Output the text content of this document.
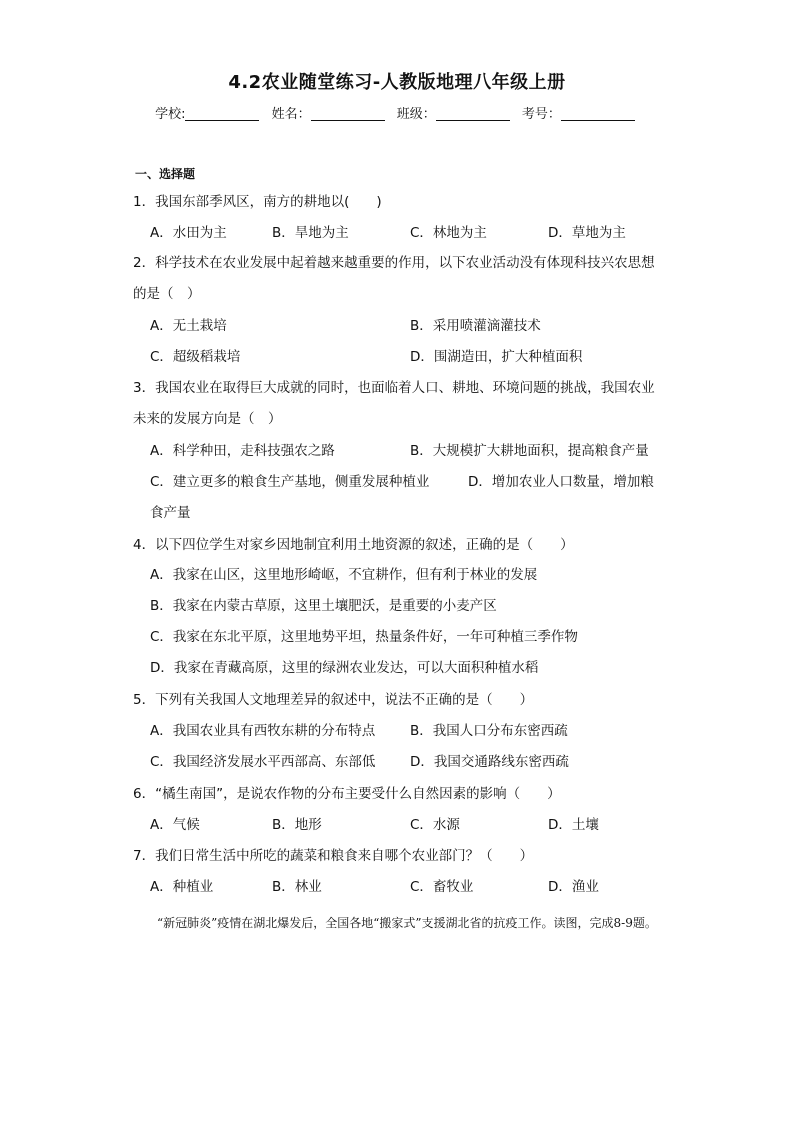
4.2农业随堂练习-人教版地理八年级上册
学校:	姓名：	班级：	考号：
一、选择题
1．我国东部季风区，南方的耕地以(　　)
A．水田为主	B．旱地为主	C．林地为主	D．草地为主
2．科学技术在农业发展中起着越来越重要的作用，以下农业活动没有体现科技兴农思想的是（　）
A．无土栽培	B．采用喷灌滴灌技术
C．超级稻栽培	D．围湖造田，扩大种植面积
3．我国农业在取得巨大成就的同时，也面临着人口、耕地、环境问题的挑战，我国农业未来的发展方向是（　）
A．科学种田，走科技强农之路	B．大规模扩大耕地面积，提高粮食产量
C．建立更多的粮食生产基地，侧重发展种植业	D．增加农业人口数量，增加粮
食产量
4．以下四位学生对家乡因地制宜利用土地资源的叙述，正确的是（　　）
A．我家在山区，这里地形崎岖，不宜耕作，但有利于林业的发展
B．我家在内蒙古草原，这里土壤肥沃，是重要的小麦产区
C．我家在东北平原，这里地势平坦，热量条件好，一年可种植三季作物
D．我家在青藏高原，这里的绿洲农业发达，可以大面积种植水稻
5．下列有关我国人文地理差异的叙述中，说法不正确的是（　　）
A．我国农业具有西牧东耕的分布特点	B．我国人口分布东密西疏
C．我国经济发展水平西部高、东部低	D．我国交通路线东密西疏
6．“橘生南国”，是说农作物的分布主要受什么自然因素的影响（　　）
A．气候	B．地形	C．水源	D．土壤
7．我们日常生活中所吃的蔬菜和粮食来自哪个农业部门？（　　）
A．种植业	B．林业	C．畜牧业	D．渔业
“新冠肺炎”疫情在湖北爆发后，全国各地“搬家式”支援湖北省的抗疫工作。读图，完成8-9题。
